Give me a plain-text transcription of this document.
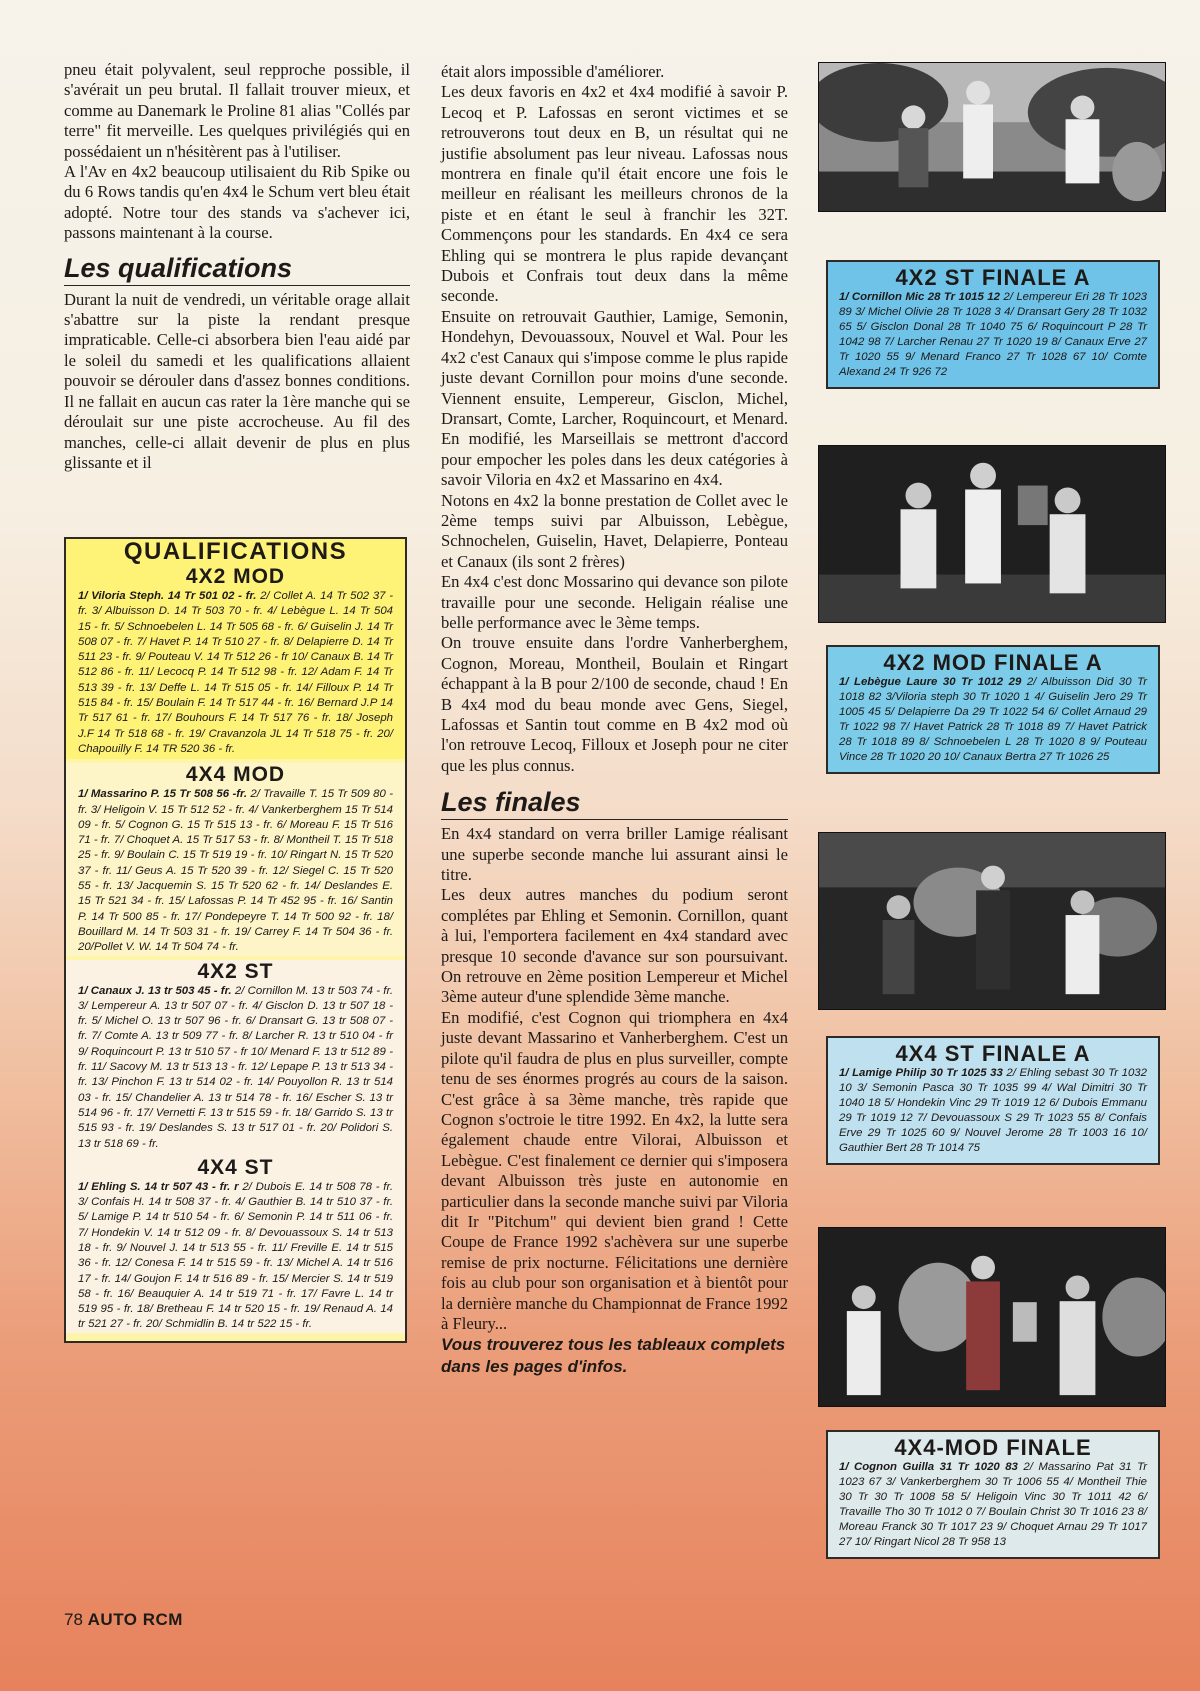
pneu était polyvalent, seul repproche possible, il s'avérait un peu brutal. Il fallait trouver mieux, et comme au Danemark le Proline 81 alias "Collés par terre" fit merveille. Les quelques privilégiés qui en possédaient un n'hésitèrent pas à l'utiliser.

A l'Av en 4x2 beaucoup utilisaient du Rib Spike ou du 6 Rows tandis qu'en 4x4 le Schum vert bleu était adopté. Notre tour des stands va s'achever ici, passons maintenant à la course.

Les qualifications

Durant la nuit de vendredi, un véritable orage allait s'abattre sur la piste la rendant presque impraticable. Celle-ci absorbera bien l'eau aidé par le soleil du samedi et les qualifications allaient pouvoir se dérouler dans d'assez bonnes conditions. Il ne fallait en aucun cas rater la 1ère manche qui se déroulait sur une piste accrocheuse. Au fil des manches, celle-ci allait devenir de plus en plus glissante et il

QUALIFICATIONS
4X2 MOD
1/ Viloria Steph. 14 Tr 501 02 - fr. 2/ Collet A. 14 Tr 502 37 - fr. 3/ Albuisson D. 14 Tr 503 70 - fr. 4/ Lebègue L. 14 Tr 504 15 - fr. 5/ Schnoebelen L. 14 Tr 505 68 - fr. 6/ Guiselin J. 14 Tr 508 07 - fr. 7/ Havet P. 14 Tr 510 27 - fr. 8/ Delapierre D. 14 Tr 511 23 - fr. 9/ Pouteau V. 14 Tr 512 26 - fr 10/ Canaux B. 14 Tr 512 86 - fr. 11/ Lecocq P. 14 Tr 512 98 - fr. 12/ Adam F. 14 Tr 513 39 - fr. 13/ Deffe L. 14 Tr 515 05 - fr. 14/ Filloux P. 14 Tr 515 84 - fr. 15/ Boulain F. 14 Tr 517 44 - fr. 16/ Bernard J.P 14 Tr 517 61 - fr. 17/ Bouhours F. 14 Tr 517 76 - fr. 18/ Joseph J.F 14 Tr 518 68 - fr. 19/ Cravanzola JL 14 Tr 518 75 - fr. 20/ Chapouilly F. 14 TR 520 36 - fr.
4X4 MOD
1/ Massarino P. 15 Tr 508 56 -fr. 2/ Travaille T. 15 Tr 509 80 - fr. 3/ Heligoin V. 15 Tr 512 52 - fr. 4/ Vankerberghem 15 Tr 514 09 - fr. 5/ Cognon G. 15 Tr 515 13 - fr. 6/ Moreau F. 15 Tr 516 71 - fr. 7/ Choquet A. 15 Tr 517 53 - fr. 8/ Montheil T. 15 Tr 518 25 - fr. 9/ Boulain C. 15 Tr 519 19 - fr. 10/ Ringart N. 15 Tr 520 37 - fr. 11/ Geus A. 15 Tr 520 39 - fr. 12/ Siegel C. 15 Tr 520 55 - fr. 13/ Jacquemin S. 15 Tr 520 62 - fr. 14/ Deslandes E. 15 Tr 521 34 - fr. 15/ Lafossas P. 14 Tr 452 95 - fr. 16/ Santin P. 14 Tr 500 85 - fr. 17/ Pondepeyre T. 14 Tr 500 92 - fr. 18/ Bouillard M. 14 Tr 503 31 - fr. 19/ Carrey F. 14 Tr 504 36 - fr. 20/Pollet V. W. 14 Tr 504 74 - fr.
4X2 ST
1/ Canaux J. 13 tr 503 45 - fr. 2/ Cornillon M. 13 tr 503 74 - fr. 3/ Lempereur A. 13 tr 507 07 - fr. 4/ Gisclon D. 13 tr 507 18 - fr. 5/ Michel O. 13 tr 507 96 - fr. 6/ Dransart G. 13 tr 508 07 - fr. 7/ Comte A. 13 tr 509 77 - fr. 8/ Larcher R. 13 tr 510 04 - fr 9/ Roquincourt P. 13 tr 510 57 - fr 10/ Menard F. 13 tr 512 89 - fr. 11/ Sacovy M. 13 tr 513 13 - fr. 12/ Lepape P. 13 tr 513 34 - fr. 13/ Pinchon F. 13 tr 514 02 - fr. 14/ Pouyollon R. 13 tr 514 03 - fr. 15/ Chandelier A. 13 tr 514 78 - fr. 16/ Escher S. 13 tr 514 96 - fr. 17/ Vernetti F. 13 tr 515 59 - fr. 18/ Garrido S. 13 tr 515 93 - fr. 19/ Deslandes S. 13 tr 517 01 - fr. 20/ Polidori S. 13 tr 518 69 - fr.
4X4 ST
1/ Ehling S. 14 tr 507 43 - fr. r 2/ Dubois E. 14 tr 508 78 - fr. 3/ Confais H. 14 tr 508 37 - fr. 4/ Gauthier B. 14 tr 510 37 - fr. 5/ Lamige P. 14 tr 510 54 - fr. 6/ Semonin P. 14 tr 511 06 - fr. 7/ Hondekin V. 14 tr 512 09 - fr. 8/ Devouassoux S. 14 tr 513 18 - fr. 9/ Nouvel J. 14 tr 513 55 - fr. 11/ Freville E. 14 tr 515 36 - fr. 12/ Conesa F. 14 tr 515 59 - fr. 13/ Michel A. 14 tr 516 17 - fr. 14/ Goujon F. 14 tr 516 89 - fr. 15/ Mercier S. 14 tr 519 58 - fr. 16/ Beauquier A. 14 tr 519 71 - fr. 17/ Favre L. 14 tr 519 95 - fr. 18/ Bretheau F. 14 tr 520 15 - fr. 19/ Renaud A. 14 tr 521 27 - fr. 20/ Schmidlin B. 14 tr 522 15 - fr.

était alors impossible d'améliorer.

Les deux favoris en 4x2 et 4x4 modifié à savoir P. Lecoq et P. Lafossas en seront victimes et se retrouverons tout deux en B, un résultat qui ne justifie absolument pas leur niveau. Lafossas nous montrera en finale qu'il était encore une fois le meilleur en réalisant les meilleurs chronos de la piste et en étant le seul à franchir les 32T. Commençons pour les standards. En 4x4 ce sera Ehling qui se montrera le plus rapide devançant Dubois et Confrais tout deux dans la même seconde.

Ensuite on retrouvait Gauthier, Lamige, Semonin, Hondehyn, Devouassoux, Nouvel et Wal. Pour les 4x2 c'est Canaux qui s'impose comme le plus rapide juste devant Cornillon pour moins d'une seconde. Viennent ensuite, Lempereur, Gisclon, Michel, Dransart, Comte, Larcher, Roquincourt, et Menard. En modifié, les Marseillais se mettront d'accord pour empocher les poles dans les deux catégories à savoir Viloria en 4x2 et Massarino en 4x4.

Notons en 4x2 la bonne prestation de Collet avec le 2ème temps suivi par Albuisson, Lebègue, Schnochelen, Guiselin, Havet, Delapierre, Ponteau et Canaux (ils sont 2 frères)

En 4x4 c'est donc Mossarino qui devance son pilote travaille pour une seconde. Heligain réalise une belle performance avec le 3ème temps.

On trouve ensuite dans l'ordre Vanherberghem, Cognon, Moreau, Montheil, Boulain et Ringart échappant à la B pour 2/100 de seconde, chaud ! En B 4x4 mod du beau monde avec Gens, Siegel, Lafossas et Santin tout comme en B 4x2 mod où l'on retrouve Lecoq, Filloux et Joseph pour ne citer que les plus connus.

Les finales

En 4x4 standard on verra briller Lamige réalisant une superbe seconde manche lui assurant ainsi le titre.

Les deux autres manches du podium seront complétes par Ehling et Semonin. Cornillon, quant à lui, l'emportera facilement en 4x4 standard avec presque 10 seconde d'avance sur son poursuivant. On retrouve en 2ème position Lempereur et Michel 3ème auteur d'une splendide 3ème manche.

En modifié, c'est Cognon qui triomphera en 4x4 juste devant Massarino et Vanherberghem. C'est un pilote qu'il faudra de plus en plus surveiller, compte tenu de ses énormes progrés au cours de la saison. C'est grâce à sa 3ème manche, très rapide que Cognon s'octroie le titre 1992. En 4x2, la lutte sera également chaude entre Vilorai, Albuisson et Lebègue. C'est finalement ce dernier qui s'imposera devant Albuisson très juste en autonomie en particulier dans la seconde manche suivi par Viloria dit Ir "Pitchum" qui devient bien grand ! Cette Coupe de France 1992 s'achèvera sur une superbe remise de prix nocturne. Félicitations une dernière fois au club pour son organisation et à bientôt pour la dernière manche du Championnat de France 1992 à Fleury...

Vous trouverez tous les tableaux complets dans les pages d'infos.

4X2 ST FINALE A
1/ Cornillon Mic 28 Tr 1015 12 2/ Lempereur Eri 28 Tr 1023 89 3/ Michel Olivie 28 Tr 1028 3 4/ Dransart Gery 28 Tr 1032 65 5/ Gisclon Donal 28 Tr 1040 75 6/ Roquincourt P 28 Tr 1042 98 7/ Larcher Renau 27 Tr 1020 19 8/ Canaux Erve 27 Tr 1020 55 9/ Menard Franco 27 Tr 1028 67 10/ Comte Alexand 24 Tr 926 72
4X2 MOD FINALE A
1/ Lebègue Laure 30 Tr 1012 29 2/ Albuisson Did 30 Tr 1018 82 3/Viloria steph 30 Tr 1020 1 4/ Guiselin Jero 29 Tr 1005 45 5/ Delapierre Da 29 Tr 1022 54 6/ Collet Arnaud 29 Tr 1022 98 7/ Havet Patrick 28 Tr 1018 89 7/ Havet Patrick 28 Tr 1018 89 8/ Schnoebelen L 28 Tr 1020 8 9/ Pouteau Vince 28 Tr 1020 20 10/ Canaux Bertra 27 Tr 1026 25
4X4 ST FINALE A
1/ Lamige Philip 30 Tr 1025 33 2/ Ehling sebast 30 Tr 1032 10 3/ Semonin Pasca 30 Tr 1035 99 4/ Wal Dimitri 30 Tr 1040 18 5/ Hondekin Vinc 29 Tr 1019 12 6/ Dubois Emmanu 29 Tr 1019 12 7/ Devouassoux S 29 Tr 1023 55 8/ Confais Erve 29 Tr 1025 60 9/ Nouvel Jerome 28 Tr 1003 16 10/ Gauthier Bert 28 Tr 1014 75
4X4-MOD FINALE
1/ Cognon Guilla 31 Tr 1020 83 2/ Massarino Pat 31 Tr 1023 67 3/ Vankerberghem 30 Tr 1006 55 4/ Montheil Thie 30 Tr 30 Tr 1008 58 5/ Heligoin Vinc 30 Tr 1011 42 6/ Travaille Tho 30 Tr 1012 0 7/ Boulain Christ 30 Tr 1016 23 8/ Moreau Franck 30 Tr 1017 23 9/ Choquet Arnau 29 Tr 1017 27 10/ Ringart Nicol 28 Tr 958 13
78 AUTO RCM
